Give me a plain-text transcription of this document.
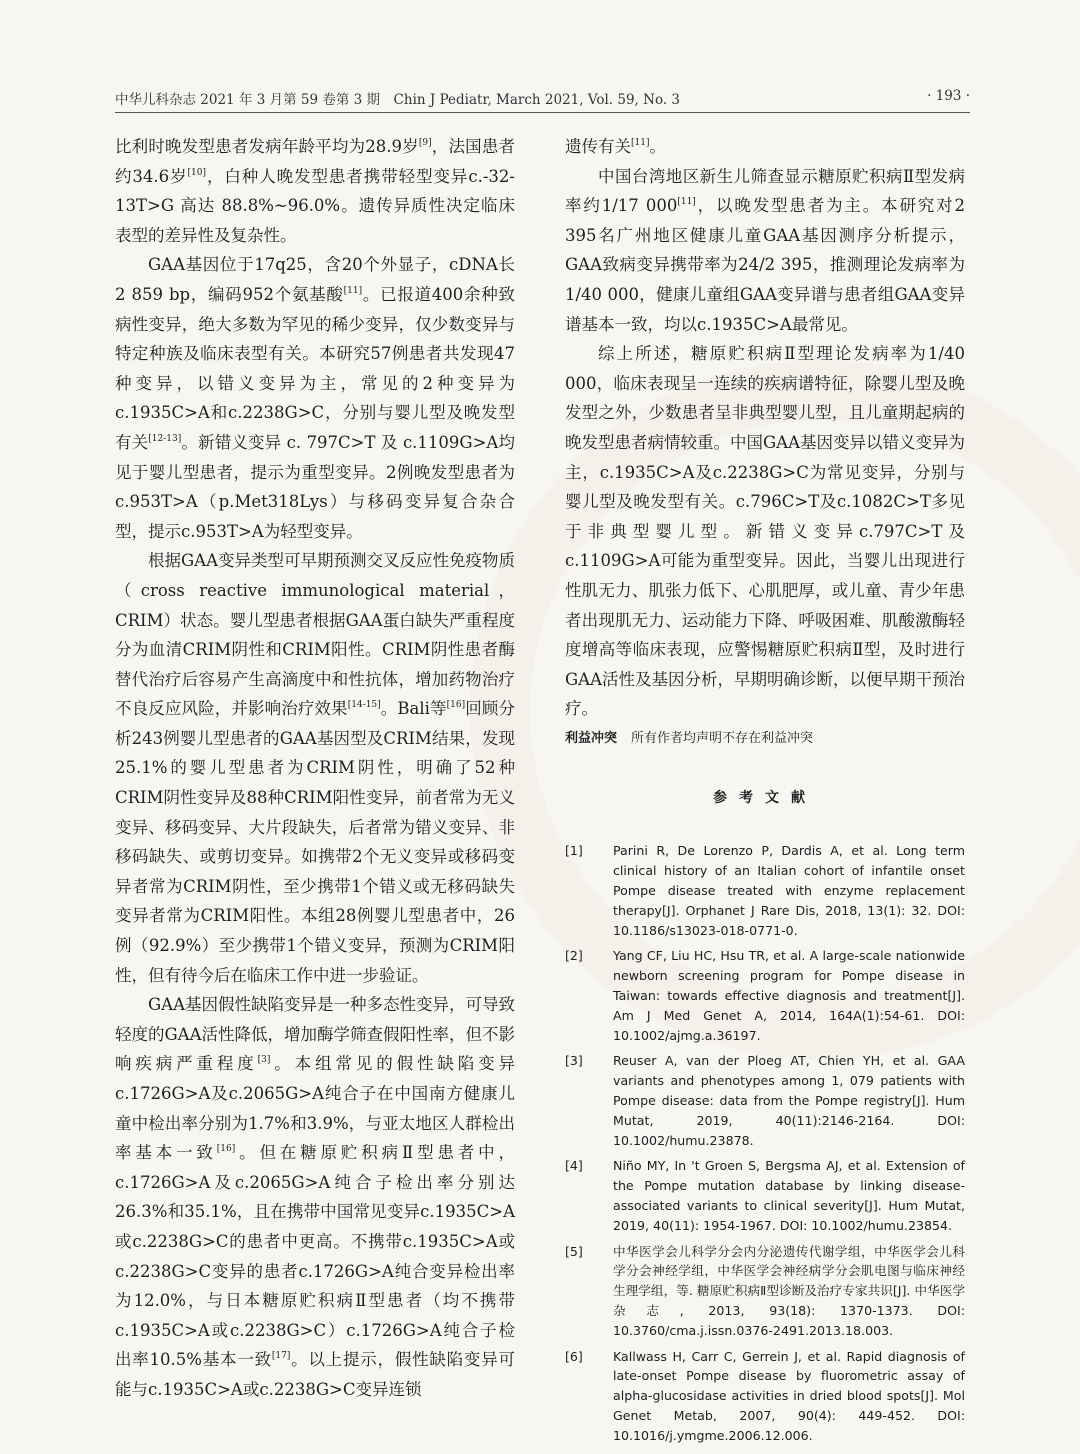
中华儿科杂志 2021 年 3 月第 59 卷第 3 期　Chin J Pediatr, March 2021, Vol. 59, No. 3	· 193 ·

比利时晚发型患者发病年龄平均为28.9岁[9]，法国患者约34.6岁[10]，白种人晚发型患者携带轻型变异c.-32-13T>G 高达 88.8%~96.0%。遗传异质性决定临床表型的差异性及复杂性。

GAA基因位于17q25，含20个外显子，cDNA长2 859 bp，编码952个氨基酸[11]。已报道400余种致病性变异，绝大多数为罕见的稀少变异，仅少数变异与特定种族及临床表型有关。本研究57例患者共发现47种变异，以错义变异为主，常见的2种变异为c.1935C>A和c.2238G>C，分别与婴儿型及晚发型有关[12-13]。新错义变异 c. 797C>T 及 c.1109G>A均见于婴儿型患者，提示为重型变异。2例晚发型患者为c.953T>A（p.Met318Lys）与移码变异复合杂合型，提示c.953T>A为轻型变异。

根据GAA变异类型可早期预测交叉反应性免疫物质（cross reactive immunological material，CRIM）状态。婴儿型患者根据GAA蛋白缺失严重程度分为血清CRIM阴性和CRIM阳性。CRIM阴性患者酶替代治疗后容易产生高滴度中和性抗体，增加药物治疗不良反应风险，并影响治疗效果[14-15]。Bali等[16]回顾分析243例婴儿型患者的GAA基因型及CRIM结果，发现25.1%的婴儿型患者为CRIM阴性，明确了52种CRIM阴性变异及88种CRIM阳性变异，前者常为无义变异、移码变异、大片段缺失，后者常为错义变异、非移码缺失、或剪切变异。如携带2个无义变异或移码变异者常为CRIM阴性，至少携带1个错义或无移码缺失变异者常为CRIM阳性。本组28例婴儿型患者中，26例（92.9%）至少携带1个错义变异，预测为CRIM阳性，但有待今后在临床工作中进一步验证。

GAA基因假性缺陷变异是一种多态性变异，可导致轻度的GAA活性降低，增加酶学筛查假阳性率，但不影响疾病严重程度[3]。本组常见的假性缺陷变异c.1726G>A及c.2065G>A纯合子在中国南方健康儿童中检出率分别为1.7%和3.9%，与亚太地区人群检出率基本一致[16]。但在糖原贮积病Ⅱ型患者中，c.1726G>A及c.2065G>A纯合子检出率分别达26.3%和35.1%，且在携带中国常见变异c.1935C>A或c.2238G>C的患者中更高。不携带c.1935C>A或c.2238G>C变异的患者c.1726G>A纯合变异检出率为12.0%，与日本糖原贮积病Ⅱ型患者（均不携带c.1935C>A或c.2238G>C）c.1726G>A纯合子检出率10.5%基本一致[17]。以上提示，假性缺陷变异可能与c.1935C>A或c.2238G>C变异连锁

遗传有关[11]。

中国台湾地区新生儿筛查显示糖原贮积病Ⅱ型发病率约1/17 000[11]，以晚发型患者为主。本研究对2 395名广州地区健康儿童GAA基因测序分析提示，GAA致病变异携带率为24/2 395，推测理论发病率为1/40 000，健康儿童组GAA变异谱与患者组GAA变异谱基本一致，均以c.1935C>A最常见。

综上所述，糖原贮积病Ⅱ型理论发病率为1/40 000，临床表现呈一连续的疾病谱特征，除婴儿型及晚发型之外，少数患者呈非典型婴儿型，且儿童期起病的晚发型患者病情较重。中国GAA基因变异以错义变异为主，c.1935C>A及c.2238G>C为常见变异，分别与婴儿型及晚发型有关。c.796C>T及c.1082C>T多见于非典型婴儿型。新错义变异c.797C>T及c.1109G>A可能为重型变异。因此，当婴儿出现进行性肌无力、肌张力低下、心肌肥厚，或儿童、青少年患者出现肌无力、运动能力下降、呼吸困难、肌酸激酶轻度增高等临床表现，应警惕糖原贮积病Ⅱ型，及时进行GAA活性及基因分析，早期明确诊断，以便早期干预治疗。

利益冲突 所有作者均声明不存在利益冲突

参考文献

[1]	Parini R, De Lorenzo P, Dardis A, et al. Long term clinical history of an Italian cohort of infantile onset Pompe disease treated with enzyme replacement therapy[J]. Orphanet J Rare Dis, 2018, 13(1): 32. DOI: 10.1186/s13023-018-0771-0.
[2]	Yang CF, Liu HC, Hsu TR, et al. A large-scale nationwide newborn screening program for Pompe disease in Taiwan: towards effective diagnosis and treatment[J]. Am J Med Genet A, 2014, 164A(1):54-61. DOI: 10.1002/ajmg.a.36197.
[3]	Reuser A, van der Ploeg AT, Chien YH, et al. GAA variants and phenotypes among 1, 079 patients with Pompe disease: data from the Pompe registry[J]. Hum Mutat, 2019, 40(11):2146-2164. DOI: 10.1002/humu.23878.
[4]	Niño MY, In 't Groen S, Bergsma AJ, et al. Extension of the Pompe mutation database by linking disease-associated variants to clinical severity[J]. Hum Mutat, 2019, 40(11): 1954-1967. DOI: 10.1002/humu.23854.
[5]	中华医学会儿科学分会内分泌遗传代谢学组，中华医学会儿科学分会神经学组，中华医学会神经病学分会肌电图与临床神经生理学组，等. 糖原贮积病Ⅱ型诊断及治疗专家共识[J]. 中华医学杂志, 2013, 93(18): 1370-1373. DOI: 10.3760/cma.j.issn.0376-2491.2013.18.003.
[6]	Kallwass H, Carr C, Gerrein J, et al. Rapid diagnosis of late-onset Pompe disease by fluorometric assay of alpha-glucosidase activities in dried blood spots[J]. Mol Genet Metab, 2007, 90(4): 449-452. DOI: 10.1016/j.ymgme.2006.12.006.
